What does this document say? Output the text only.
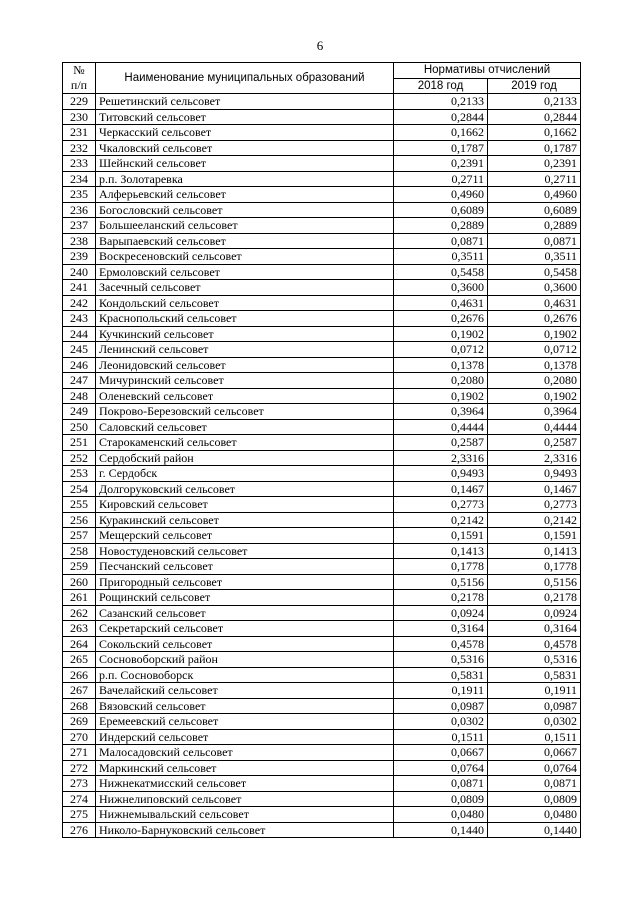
6
№
п/п	Наименование муниципальных образований	Нормативы отчислений	
		2018 год	2019 год
229	Решетинский сельсовет	0,2133	0,2133
230	Титовский сельсовет	0,2844	0,2844
231	Черкасский сельсовет	0,1662	0,1662
232	Чкаловский сельсовет	0,1787	0,1787
233	Шейнский сельсовет	0,2391	0,2391
234	р.п. Золотаревка	0,2711	0,2711
235	Алферьевский сельсовет	0,4960	0,4960
236	Богословский сельсовет	0,6089	0,6089
237	Большееланский сельсовет	0,2889	0,2889
238	Варыпаевский сельсовет	0,0871	0,0871
239	Воскресеновский сельсовет	0,3511	0,3511
240	Ермоловский сельсовет	0,5458	0,5458
241	Засечный сельсовет	0,3600	0,3600
242	Кондольский сельсовет	0,4631	0,4631
243	Краснопольский сельсовет	0,2676	0,2676
244	Кучкинский сельсовет	0,1902	0,1902
245	Ленинский сельсовет	0,0712	0,0712
246	Леонидовский сельсовет	0,1378	0,1378
247	Мичуринский сельсовет	0,2080	0,2080
248	Оленевский сельсовет	0,1902	0,1902
249	Покрово-Березовский сельсовет	0,3964	0,3964
250	Саловский сельсовет	0,4444	0,4444
251	Старокаменский сельсовет	0,2587	0,2587
252	Сердобский район	2,3316	2,3316
253	г. Сердобск	0,9493	0,9493
254	Долгоруковский сельсовет	0,1467	0,1467
255	Кировский сельсовет	0,2773	0,2773
256	Куракинский сельсовет	0,2142	0,2142
257	Мещерский сельсовет	0,1591	0,1591
258	Новостуденовский сельсовет	0,1413	0,1413
259	Песчанский сельсовет	0,1778	0,1778
260	Пригородный сельсовет	0,5156	0,5156
261	Рощинский сельсовет	0,2178	0,2178
262	Сазанский сельсовет	0,0924	0,0924
263	Секретарский сельсовет	0,3164	0,3164
264	Сокольский сельсовет	0,4578	0,4578
265	Сосновоборский район	0,5316	0,5316
266	р.п. Сосновоборск	0,5831	0,5831
267	Вачелайский сельсовет	0,1911	0,1911
268	Вязовский сельсовет	0,0987	0,0987
269	Еремеевский сельсовет	0,0302	0,0302
270	Индерский сельсовет	0,1511	0,1511
271	Малосадовский сельсовет	0,0667	0,0667
272	Маркинский сельсовет	0,0764	0,0764
273	Нижнекатмисский сельсовет	0,0871	0,0871
274	Нижнелиповский сельсовет	0,0809	0,0809
275	Нижнемывальский сельсовет	0,0480	0,0480
276	Николо-Барнуковский сельсовет	0,1440	0,1440
